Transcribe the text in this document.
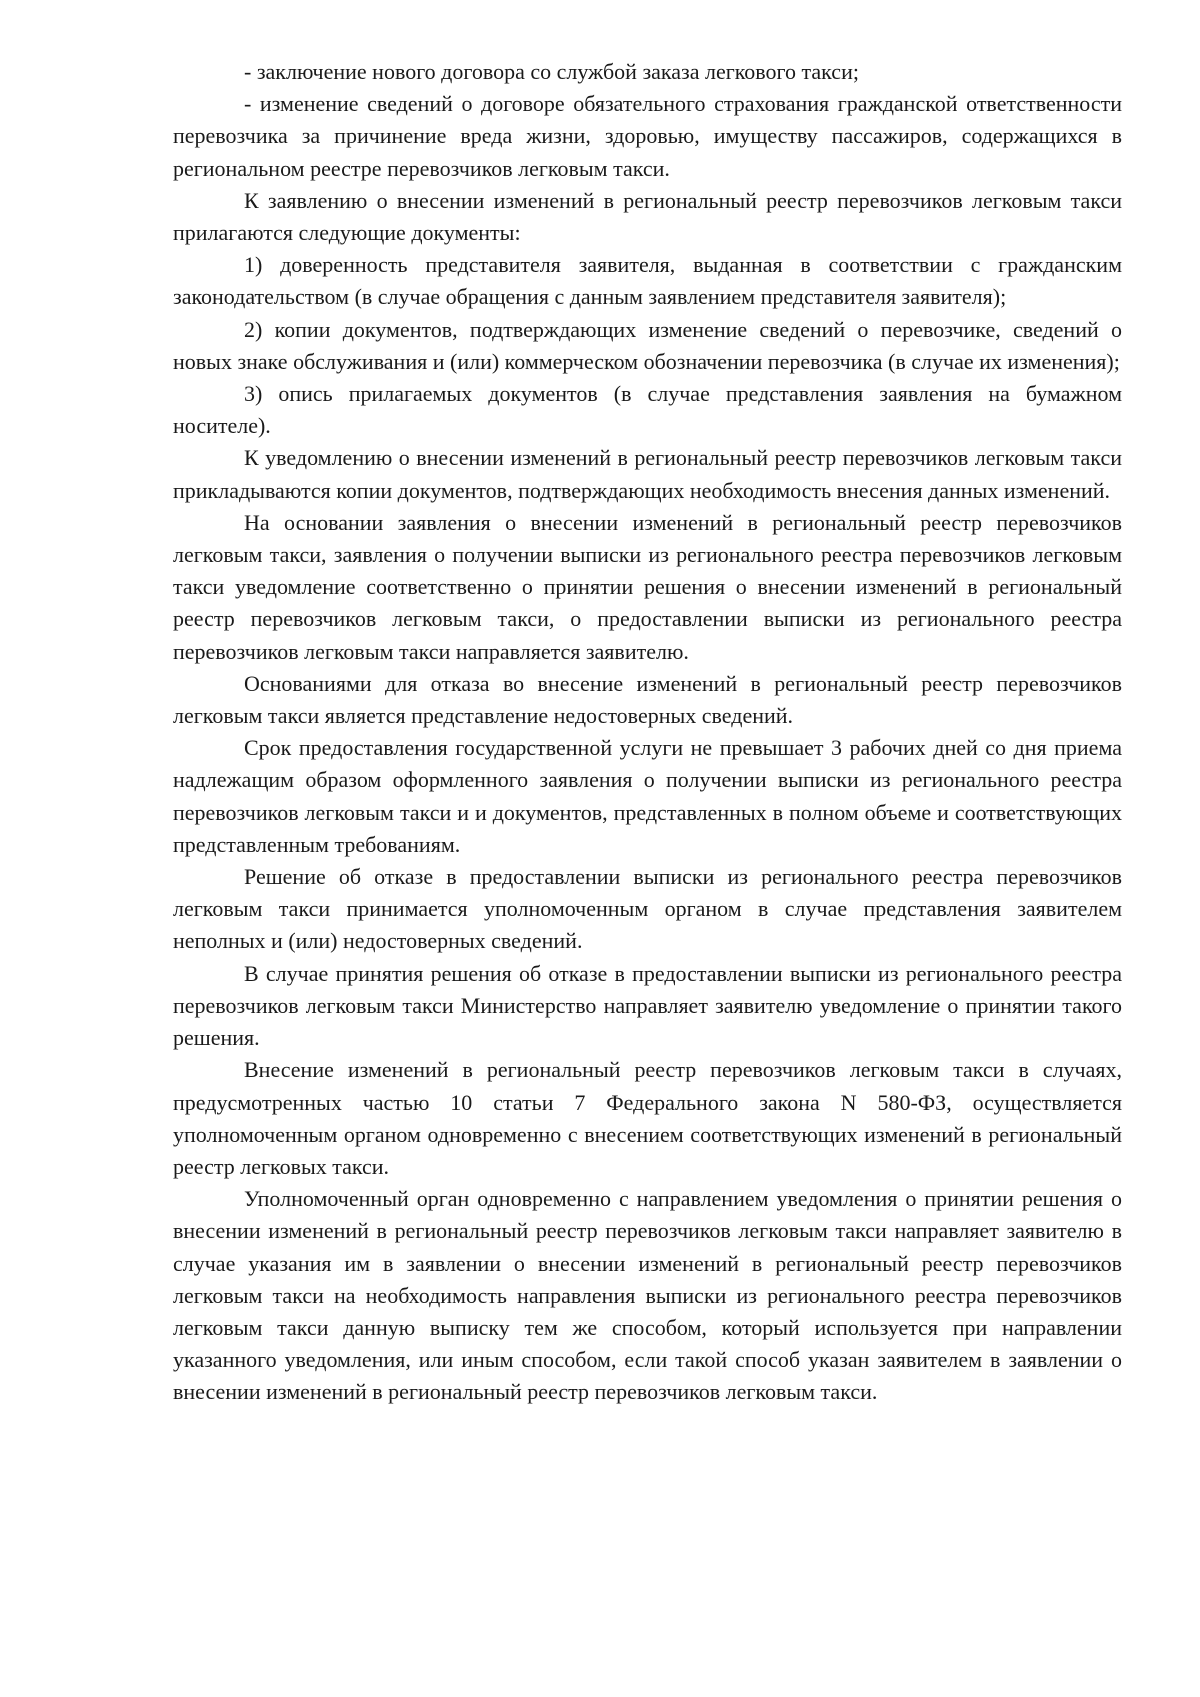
- заключение нового договора со службой заказа легкового такси;

- изменение сведений о договоре обязательного страхования гражданской ответственности перевозчика за причинение вреда жизни, здоровью, имуществу пассажиров, содержащихся в региональном реестре перевозчиков легковым такси.

К заявлению о внесении изменений в региональный реестр перевозчиков легковым такси прилагаются следующие документы:

1) доверенность представителя заявителя, выданная в соответствии с гражданским законодательством (в случае обращения с данным заявлением представителя заявителя);

2) копии документов, подтверждающих изменение сведений о перевозчике, сведений о новых знаке обслуживания и (или) коммерческом обозначении перевозчика (в случае их изменения);

3) опись прилагаемых документов (в случае представления заявления на бумажном носителе).

К уведомлению о внесении изменений в региональный реестр перевозчиков легковым такси прикладываются копии документов, подтверждающих необходимость внесения данных изменений.

На основании заявления о внесении изменений в региональный реестр перевозчиков легковым такси, заявления о получении выписки из регионального реестра перевозчиков легковым такси уведомление соответственно о принятии решения о внесении изменений в региональный реестр перевозчиков легковым такси, о предоставлении выписки из регионального реестра перевозчиков легковым такси направляется заявителю.

Основаниями для отказа во внесение изменений в региональный реестр перевозчиков легковым такси является представление недостоверных сведений.

Срок предоставления государственной услуги не превышает 3 рабочих дней со дня приема надлежащим образом оформленного заявления о получении выписки из регионального реестра перевозчиков легковым такси и и документов, представленных в полном объеме и соответствующих представленным требованиям.

Решение об отказе в предоставлении выписки из регионального реестра перевозчиков легковым такси принимается уполномоченным органом в случае представления заявителем неполных и (или) недостоверных сведений.

В случае принятия решения об отказе в предоставлении выписки из регионального реестра перевозчиков легковым такси Министерство направляет заявителю уведомление о принятии такого решения.

Внесение изменений в региональный реестр перевозчиков легковым такси в случаях, предусмотренных частью 10 статьи 7 Федерального закона N 580-ФЗ, осуществляется уполномоченным органом одновременно с внесением соответствующих изменений в региональный реестр легковых такси.

Уполномоченный орган одновременно с направлением уведомления о принятии решения о внесении изменений в региональный реестр перевозчиков легковым такси направляет заявителю в случае указания им в заявлении о внесении изменений в региональный реестр перевозчиков легковым такси на необходимость направления выписки из регионального реестра перевозчиков легковым такси данную выписку тем же способом, который используется при направлении указанного уведомления, или иным способом, если такой способ указан заявителем в заявлении о внесении изменений в региональный реестр перевозчиков легковым такси.
